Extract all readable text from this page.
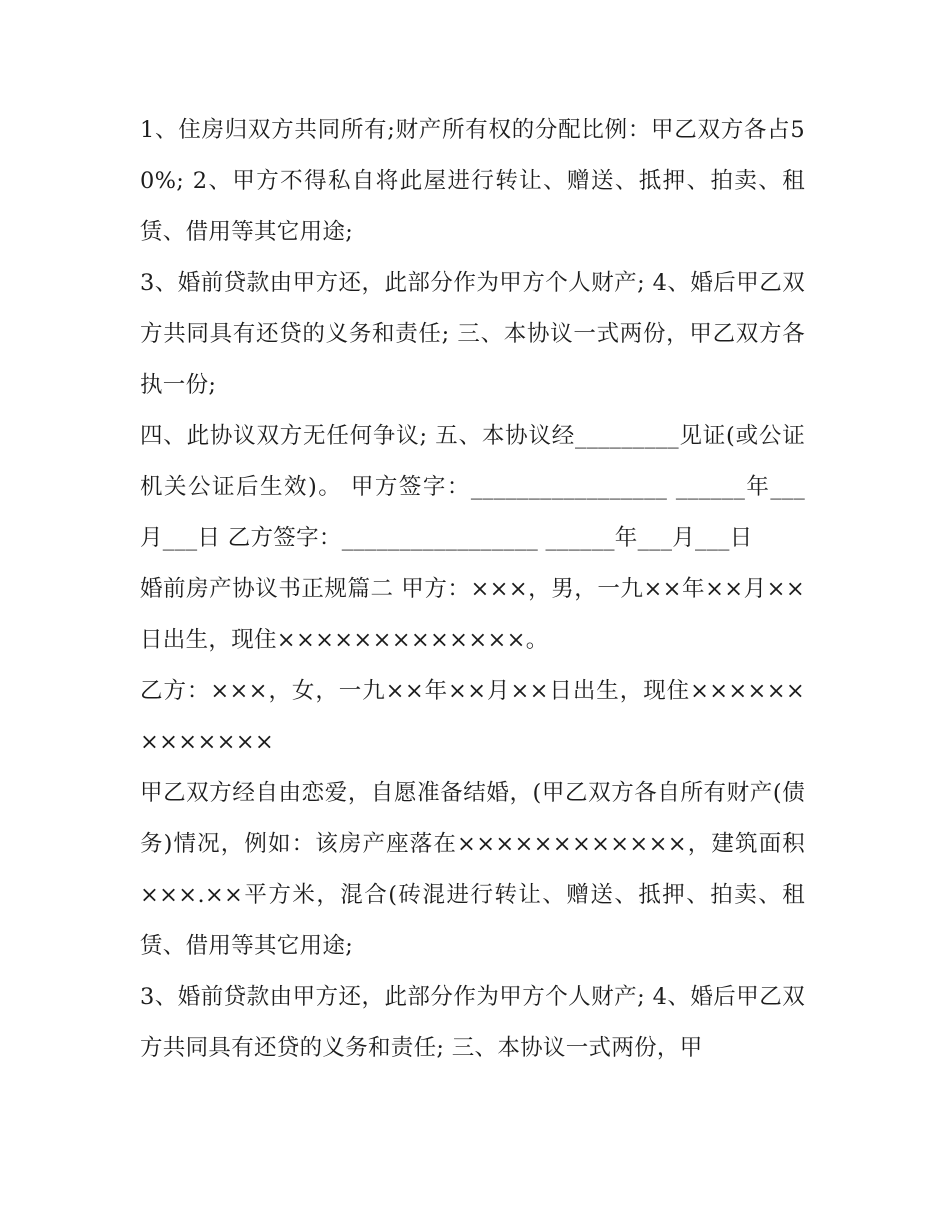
1、住房归双方共同所有;财产所有权的分配比例：甲乙双方各占50%; 2、甲方不得私自将此屋进行转让、赠送、抵押、拍卖、租赁、借用等其它用途;

3、婚前贷款由甲方还，此部分作为甲方个人财产; 4、婚后甲乙双方共同具有还贷的义务和责任; 三、本协议一式两份，甲乙双方各执一份;

四、此协议双方无任何争议; 五、本协议经_________见证(或公证机关公证后生效)。 甲方签字：_________________ ______年___月___日 乙方签字：_________________ ______年___月___日

婚前房产协议书正规篇二 甲方：×××，男，一九××年××月××日出生，现住×××××××××××××。

乙方：×××，女，一九××年××月××日出生，现住×××××××××××××

甲乙双方经自由恋爱，自愿准备结婚，(甲乙双方各自所有财产(债务)情况，例如：该房产座落在××××××××××××，建筑面积×××.××平方米，混合(砖混进行转让、赠送、抵押、拍卖、租赁、借用等其它用途;

3、婚前贷款由甲方还，此部分作为甲方个人财产; 4、婚后甲乙双方共同具有还贷的义务和责任; 三、本协议一式两份，甲
